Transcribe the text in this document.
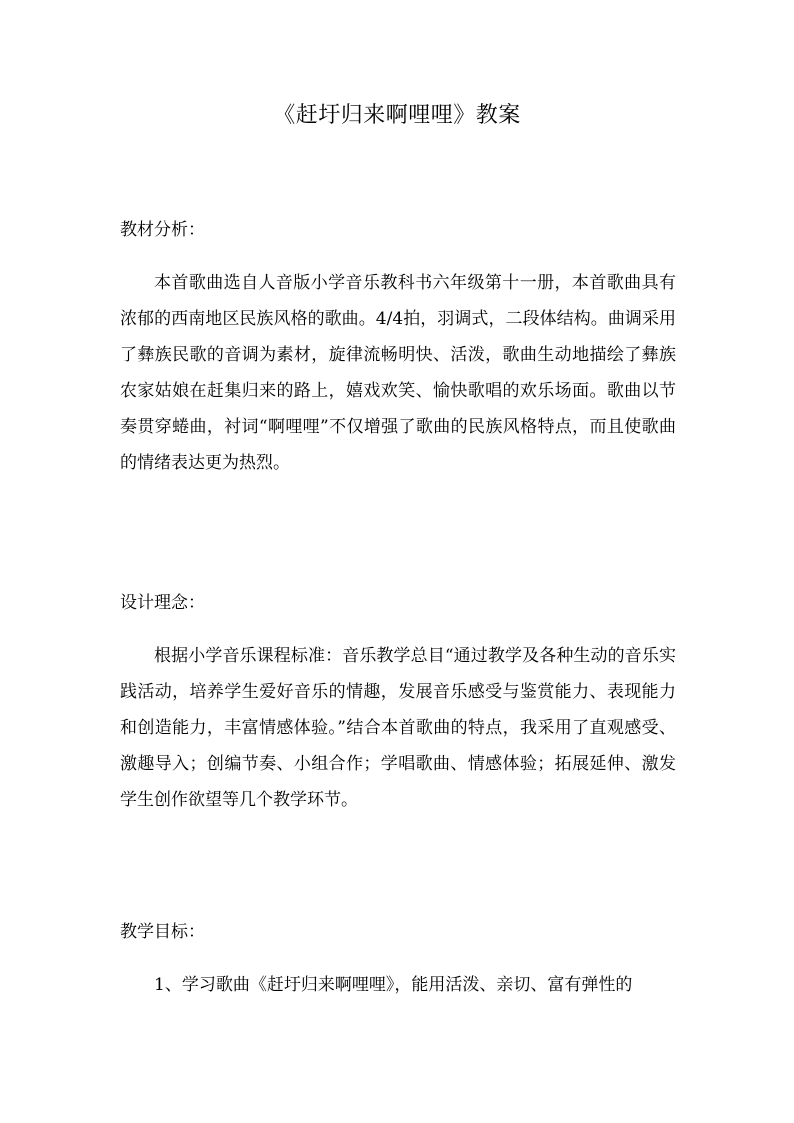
《赶圩归来啊哩哩》教案
教材分析：
本首歌曲选自人音版小学音乐教科书六年级第十一册，本首歌曲具有浓郁的西南地区民族风格的歌曲。4/4拍，羽调式，二段体结构。曲调采用了彝族民歌的音调为素材，旋律流畅明快、活泼，歌曲生动地描绘了彝族农家姑娘在赶集归来的路上，嬉戏欢笑、愉快歌唱的欢乐场面。歌曲以节奏贯穿蜷曲，衬词“啊哩哩”不仅增强了歌曲的民族风格特点，而且使歌曲的情绪表达更为热烈。
设计理念：
根据小学音乐课程标准：音乐教学总目“通过教学及各种生动的音乐实践活动，培养学生爱好音乐的情趣，发展音乐感受与鉴赏能力、表现能力和创造能力，丰富情感体验。”结合本首歌曲的特点，我采用了直观感受、激趣导入；创编节奏、小组合作；学唱歌曲、情感体验；拓展延伸、激发学生创作欲望等几个教学环节。
教学目标：
1、学习歌曲《赶圩归来啊哩哩》，能用活泼、亲切、富有弹性的
